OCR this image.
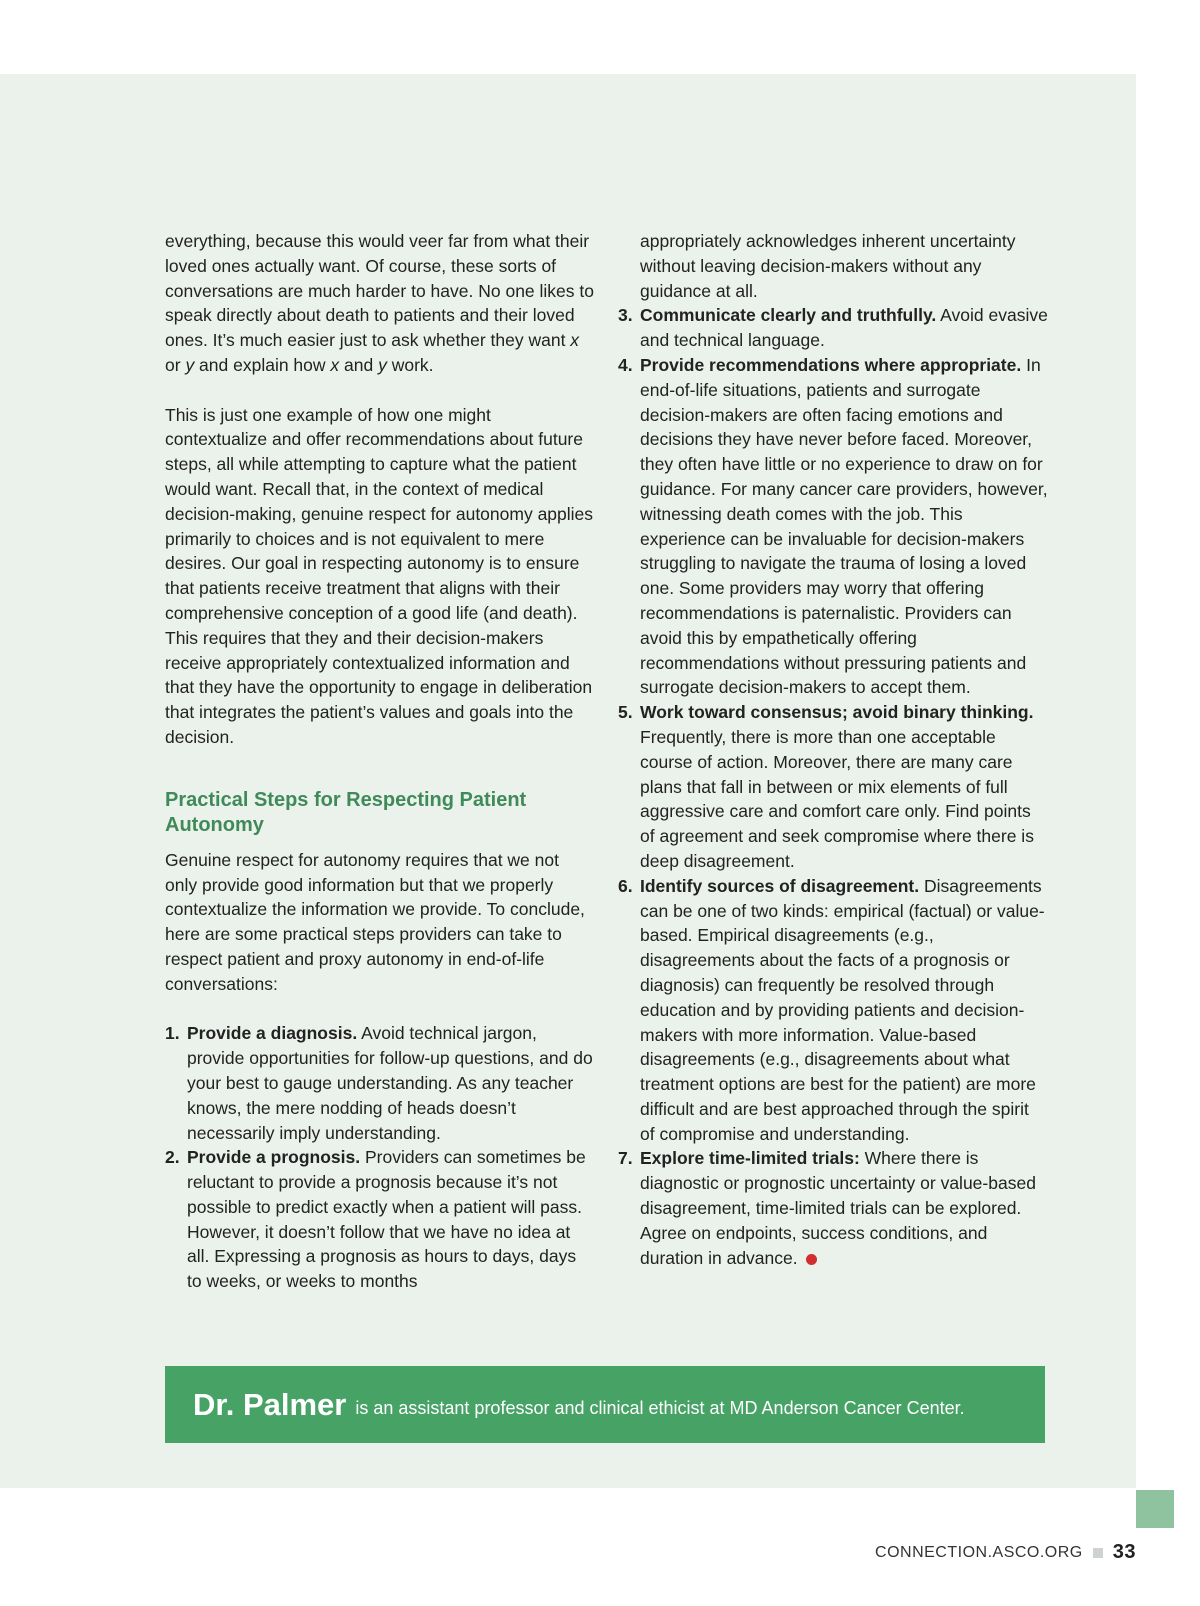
everything, because this would veer far from what their loved ones actually want. Of course, these sorts of conversations are much harder to have. No one likes to speak directly about death to patients and their loved ones. It’s much easier just to ask whether they want x or y and explain how x and y work.

This is just one example of how one might contextualize and offer recommendations about future steps, all while attempting to capture what the patient would want. Recall that, in the context of medical decision-making, genuine respect for autonomy applies primarily to choices and is not equivalent to mere desires. Our goal in respecting autonomy is to ensure that patients receive treatment that aligns with their comprehensive conception of a good life (and death). This requires that they and their decision-makers receive appropriately contextualized information and that they have the opportunity to engage in deliberation that integrates the patient’s values and goals into the decision.

Practical Steps for Respecting Patient Autonomy

Genuine respect for autonomy requires that we not only provide good information but that we properly contextualize the information we provide. To conclude, here are some practical steps providers can take to respect patient and proxy autonomy in end-of-life conversations:

1. Provide a diagnosis. Avoid technical jargon, provide opportunities for follow-up questions, and do your best to gauge understanding. As any teacher knows, the mere nodding of heads doesn’t necessarily imply understanding.
2. Provide a prognosis. Providers can sometimes be reluctant to provide a prognosis because it’s not possible to predict exactly when a patient will pass. However, it doesn’t follow that we have no idea at all. Expressing a prognosis as hours to days, days to weeks, or weeks to months

appropriately acknowledges inherent uncertainty without leaving decision-makers without any guidance at all.

3. Communicate clearly and truthfully. Avoid evasive and technical language.
4. Provide recommendations where appropriate. In end-of-life situations, patients and surrogate decision-makers are often facing emotions and decisions they have never before faced. Moreover, they often have little or no experience to draw on for guidance. For many cancer care providers, however, witnessing death comes with the job. This experience can be invaluable for decision-makers struggling to navigate the trauma of losing a loved one. Some providers may worry that offering recommendations is paternalistic. Providers can avoid this by empathetically offering recommendations without pressuring patients and surrogate decision-makers to accept them.
5. Work toward consensus; avoid binary thinking. Frequently, there is more than one acceptable course of action. Moreover, there are many care plans that fall in between or mix elements of full aggressive care and comfort care only. Find points of agreement and seek compromise where there is deep disagreement.
6. Identify sources of disagreement. Disagreements can be one of two kinds: empirical (factual) or value-based. Empirical disagreements (e.g., disagreements about the facts of a prognosis or diagnosis) can frequently be resolved through education and by providing patients and decision-makers with more information. Value-based disagreements (e.g., disagreements about what treatment options are best for the patient) are more difficult and are best approached through the spirit of compromise and understanding.
7. Explore time-limited trials: Where there is diagnostic or prognostic uncertainty or value-based disagreement, time-limited trials can be explored. Agree on endpoints, success conditions, and duration in advance.
Dr. Palmer is an assistant professor and clinical ethicist at MD Anderson Cancer Center.
CONNECTION.ASCO.ORG 33
